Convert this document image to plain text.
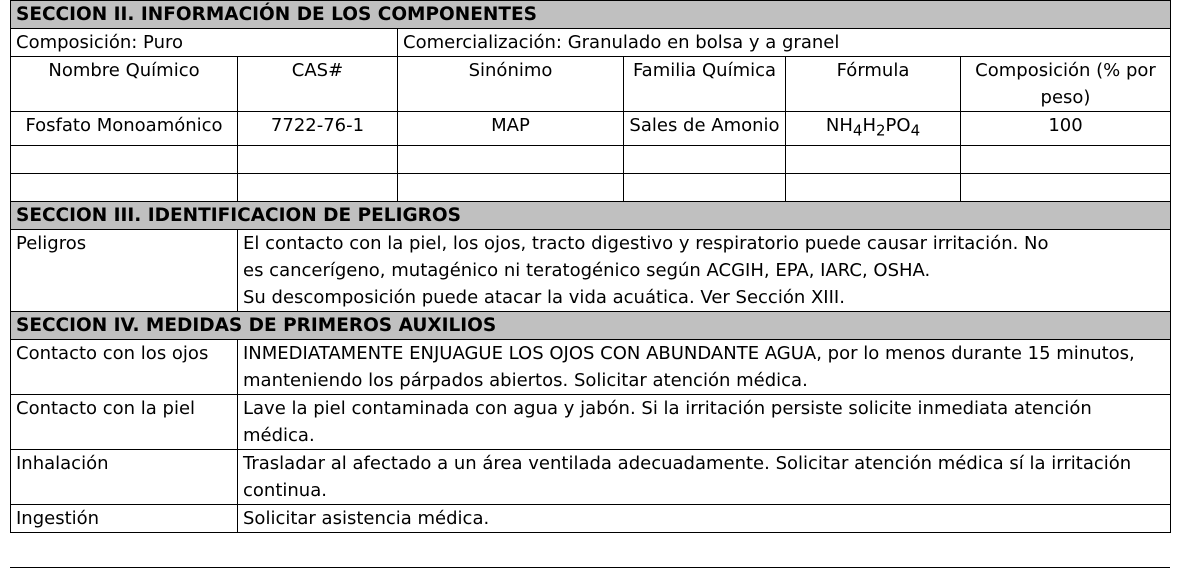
SECCION II. INFORMACIÓN DE LOS COMPONENTES					
Composición: Puro		Comercialización: Granulado en bolsa y a granel			
Nombre Químico	CAS#	Sinónimo	Familia Química	Fórmula	Composición (% por peso)
Fosfato Monoamónico	7722-76-1	MAP	Sales de Amonio	$NH_4H_2PO_4$	100

SECCION III. IDENTIFICACION DE PELIGROS					
Peligros	El contacto con la piel, los ojos, tracto digestivo y respiratorio puede causar irritación. No
es cancerígeno, mutagénico ni teratogénico según ACGIH, EPA, IARC, OSHA.
Su descomposición puede atacar la vida acuática. Ver Sección XIII.				

SECCION IV. MEDIDAS DE PRIMEROS AUXILIOS					
Contacto con los ojos	INMEDIATAMENTE ENJUAGUE LOS OJOS CON ABUNDANTE AGUA, por lo menos durante 15 minutos, manteniendo los párpados abiertos. Solicitar atención médica.				
Contacto con la piel	Lave la piel contaminada con agua y jabón. Si la irritación persiste solicite inmediata atención médica.				
Inhalación	Trasladar al afectado a un área ventilada adecuadamente. Solicitar atención médica sí la irritación continua.				
Ingestión	Solicitar asistencia médica.				
